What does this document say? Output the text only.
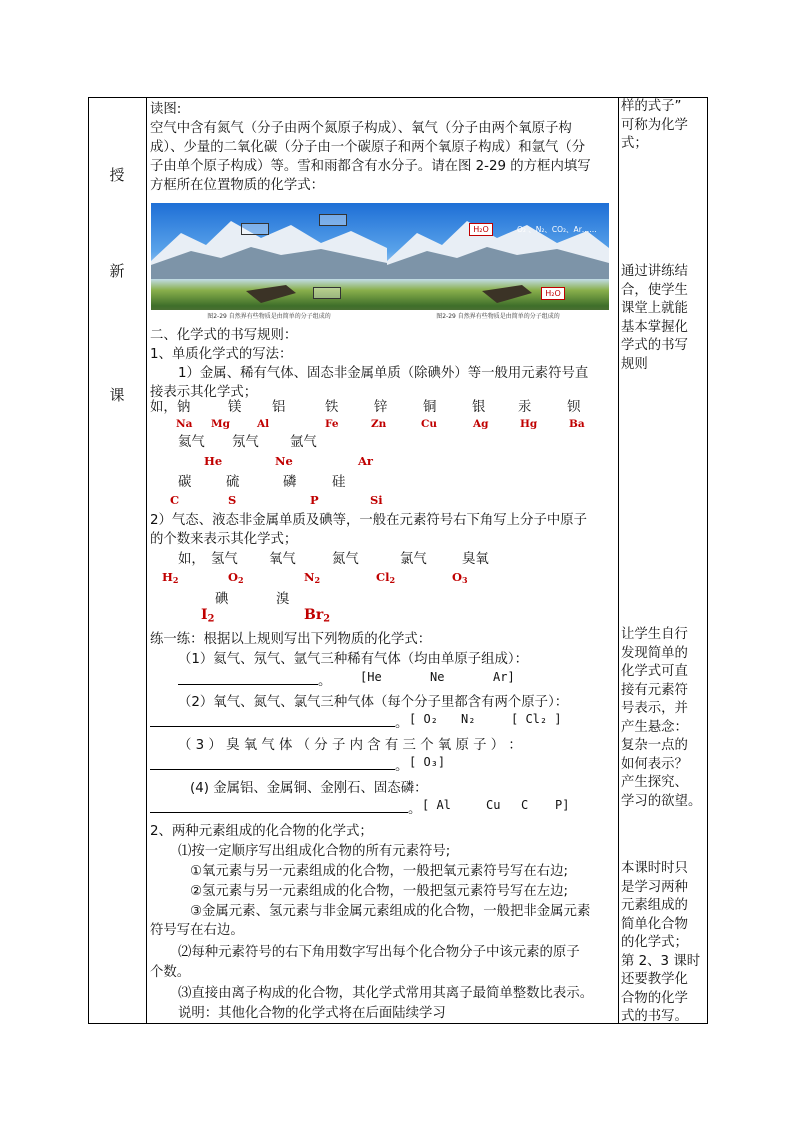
授
新
课
样的式子”
可称为化学
式；
通过讲练结
合，使学生
课堂上就能
基本掌握化
学式的书写
规则
让学生自行
发现简单的
化学式可直
接有元素符
号表示，并
产生悬念：
复杂一点的
如何表示？
产生探究、
学习的欲望。
本课时时只
是学习两种
元素组成的
简单化合物
的化学式；
第 2、3 课时
还要教学化
合物的化学
式的书写。
读图:
空气中含有氮气（分子由两个氮原子构成）、氧气（分子由两个氧原子构
成）、少量的二氧化碳（分子由一个碳原子和两个氧原子构成）和氩气（分
子由单个原子构成）等。雪和雨都含有水分子。请在图 2-29 的方框内填写
方框所在位置物质的化学式：
图2-29 自然界有些物质是由简单的分子组成的
H₂O	O₂ 、N₂、CO₂、Ar……
H₂O
图2-29 自然界有些物质是由简单的分子组成的
二、化学式的书写规则：
1、单质化学式的写法：
1）金属、稀有气体、固态非金属单质（除碘外）等一般用元素符号直
接表示其化学式；
如， 钠	镁 铝	铁	锌	铜	银 汞	钡
Na Mg	Al	Fe	Zn	Cu	Ag	Hg	Ba
氦气 氖气 氩气
He	Ne	Ar
碳	硫	磷	硅
C	S	P	Si
2）气态、液态非金属单质及碘等，一般在元素符号右下角写上分子中原子
的个数来表示其化学式；
如， 氢气 氧气	氮气	氯气	臭氧
$H_2$	$O_2$	$N_2$	$Cl_2$	$O_3$
碘	溴
$I_2$	$Br_2$
练一练：根据以上规则写出下列物质的化学式：
（1）氦气、氖气、氩气三种稀有气体（均由单原子组成）：
。 [He	Ne	Ar]
（2）氧气、氮气、氯气三种气体（每个分子里都含有两个原子）：
。 [ O₂ N₂	[ Cl₂ ]
（ 3 ） 臭 氧 气 体 （ 分 子 内 含 有 三 个 氧 原 子 ） ：
。 [ O₃]
(4) 金属铝、金属铜、金刚石、固态磷：
。 [ Al	Cu C P]
2、两种元素组成的化合物的化学式；
⑴按一定顺序写出组成化合物的所有元素符号;
①氧元素与另一元素组成的化合物，一般把氧元素符号写在右边;
②氢元素与另一元素组成的化合物，一般把氢元素符号写在左边;
③金属元素、氢元素与非金属元素组成的化合物，一般把非金属元素
符号写在右边。
⑵每种元素符号的右下角用数字写出每个化合物分子中该元素的原子
个数。
⑶直接由离子构成的化合物，其化学式常用其离子最简单整数比表示。
说明：其他化合物的化学式将在后面陆续学习
